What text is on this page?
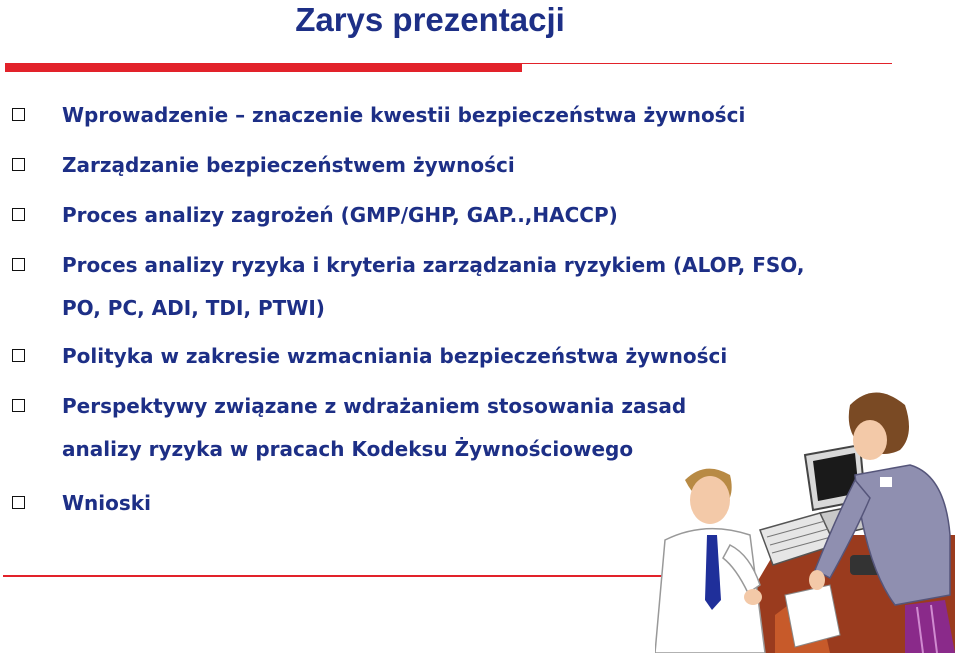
Zarys prezentacji
Wprowadzenie – znaczenie kwestii bezpieczeństwa żywności
Zarządzanie bezpieczeństwem żywności
Proces analizy zagrożeń (GMP/GHP, GAP..,HACCP)
Proces analizy ryzyka i kryteria zarządzania ryzykiem (ALOP, FSO,
PO, PC, ADI, TDI, PTWI)
Polityka w zakresie wzmacniania bezpieczeństwa żywności
Perspektywy związane z wdrażaniem stosowania zasad
analizy ryzyka w pracach Kodeksu Żywnościowego
Wnioski
